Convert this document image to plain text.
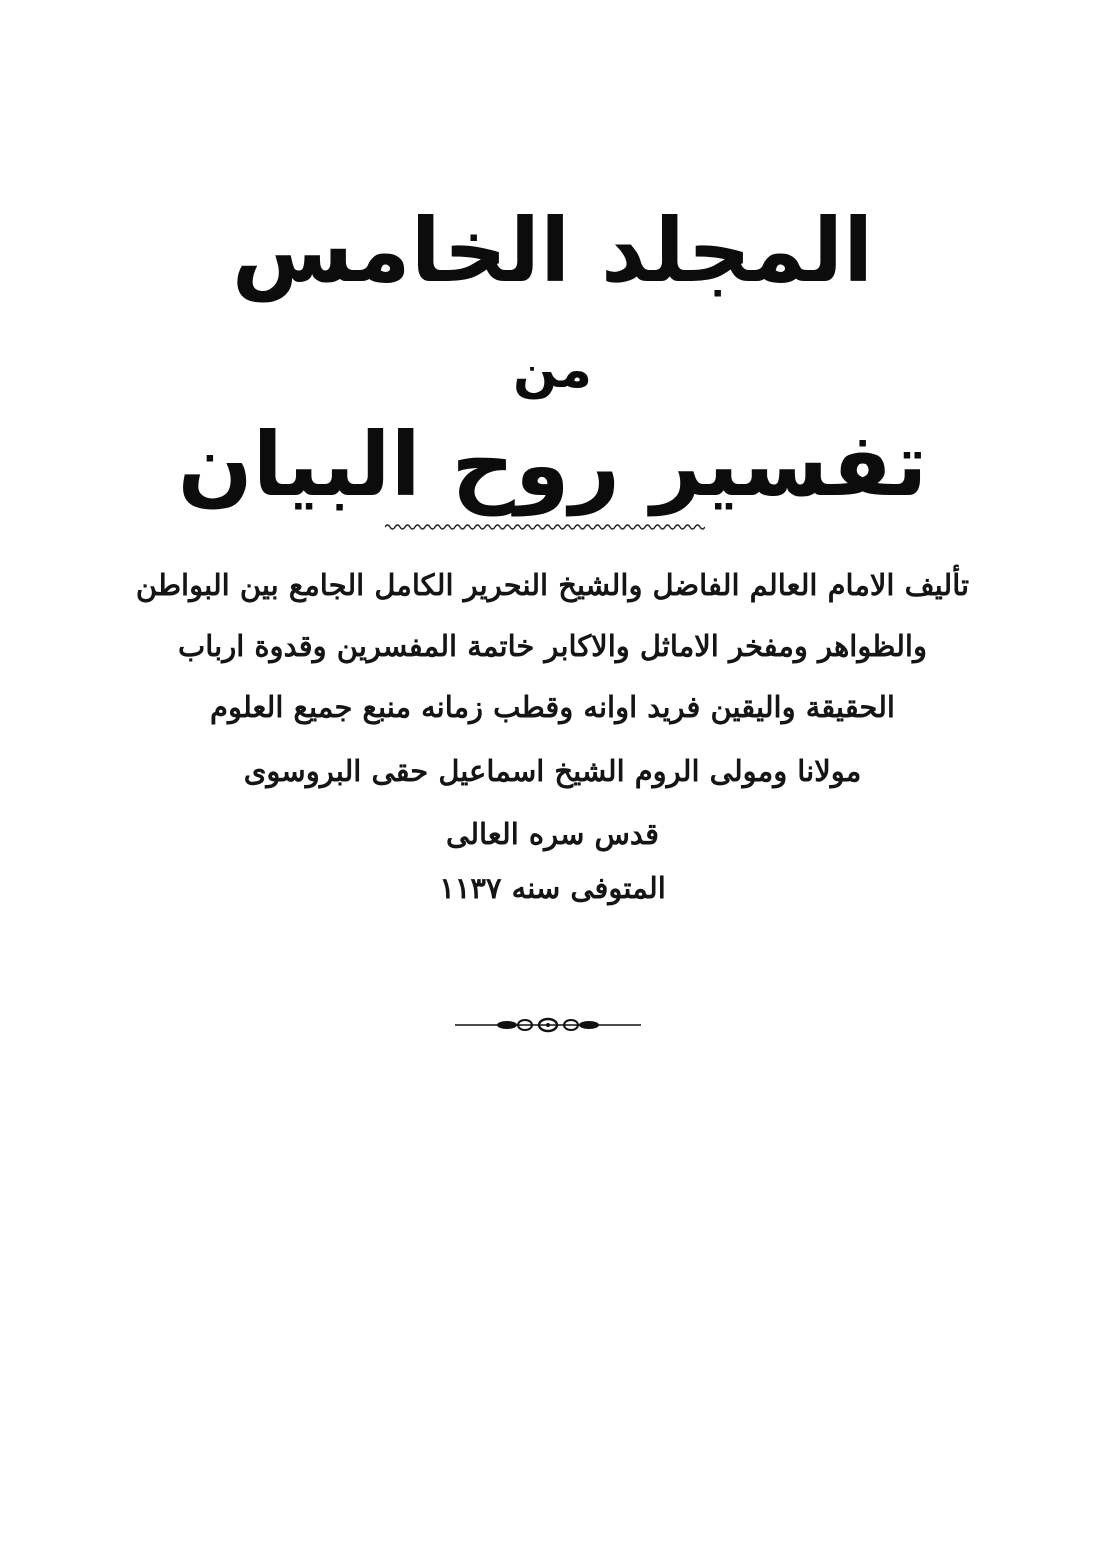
المجلد الخامس
من
تفسير روح البيان
تأليف الامام العالم الفاضل والشيخ النحرير الكامل الجامع بين البواطن
والظواهر ومفخر الاماثل والاكابر خاتمة المفسرين وقدوة ارباب
الحقيقة واليقين فريد اوانه وقطب زمانه منبع جميع العلوم
مولانا ومولى الروم الشيخ اسماعيل حقى البروسوى
قدس سره العالى
المتوفى سنه ١١٣٧
